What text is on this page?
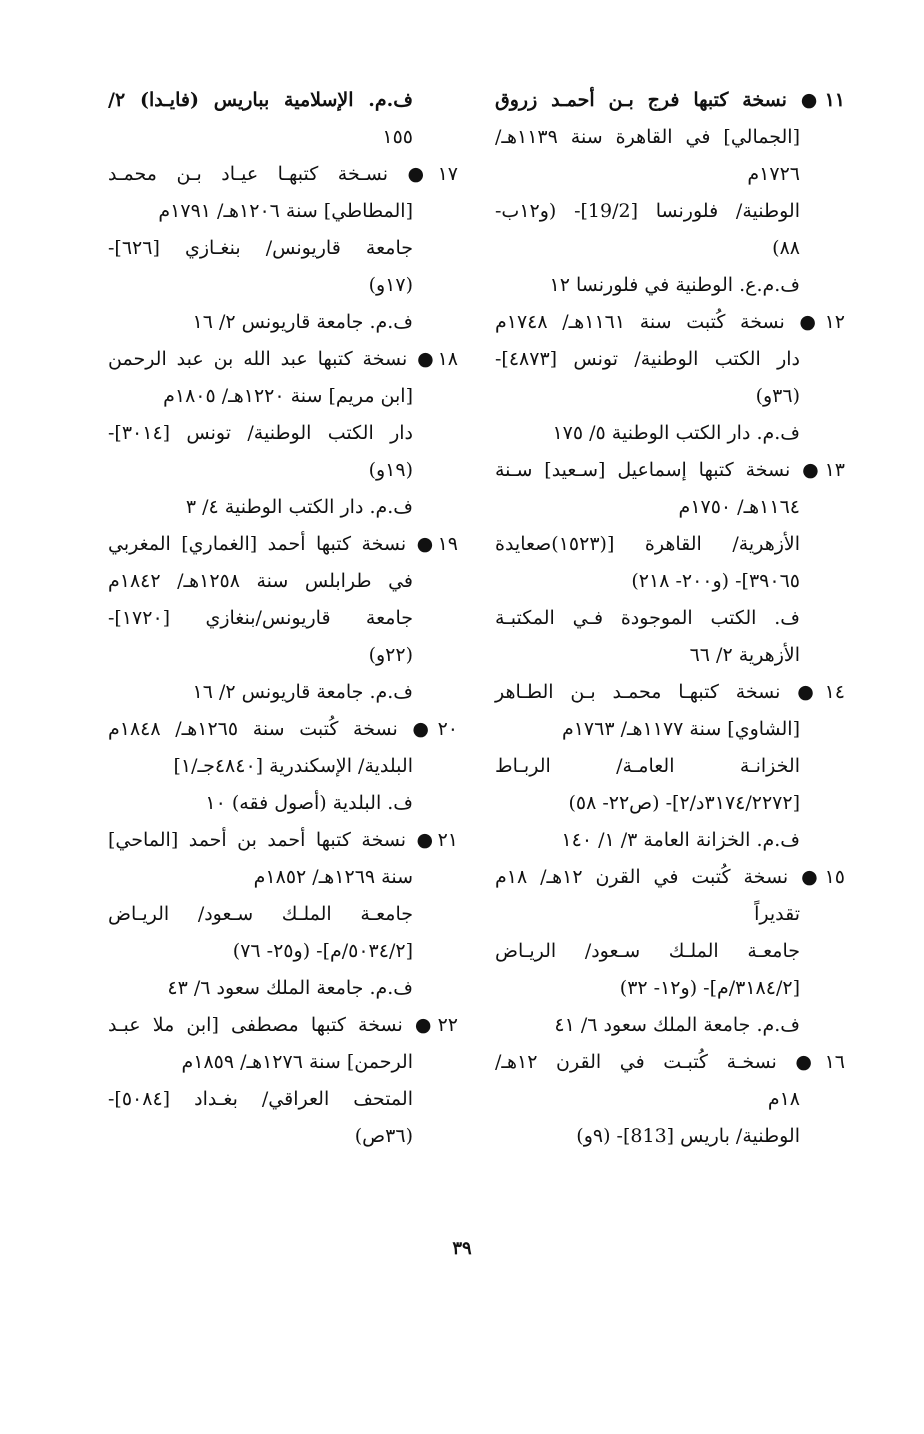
١١● نسخة كتبها فرج بـن أحمـد زروق
[الجمالي] في القاهرة سنة ١١٣٩هـ/
١٧٢٦م
الوطنية/ فلورنسا [19/2]- (و١٢ب-
٨٨)
ف.م.ع. الوطنية في فلورنسا ١٢
١٢● نسخة كُتبت سنة ١١٦١هـ/ ١٧٤٨م
دار الكتب الوطنية/ تونس [٤٨٧٣]-
(٣٦و)
ف.م. دار الكتب الوطنية ٥/ ١٧٥
١٣● نسخة كتبها إسماعيل [سـعيد] سـنة
١١٦٤هـ/ ١٧٥٠م
الأزهرية/ القاهرة [(١٥٢٣)صعايدة
٣٩٠٦٥]- (و٢٠٠- ٢١٨)
ف. الكتب الموجودة فـي المكتبـة
الأزهرية ٢/ ٦٦
١٤● نسخة كتبهـا محمـد بـن الطـاهر
[الشاوي] سنة ١١٧٧هـ/ ١٧٦٣م
الخزانـة العامـة/ الربـاط
[٣١٧٤/٢٢٧٢د/٢]- (ص٢٢- ٥٨)
ف.م. الخزانة العامة ٣/ ١/ ١٤٠
١٥● نسخة كُتبت في القرن ١٢هـ/ ١٨م
تقديراً
جامعـة الملـك سـعود/ الريـاض
[٣١٨٤/٢/م]- (و١٢- ٣٢)
ف.م. جامعة الملك سعود ٦/ ٤١
١٦● نسخـة كُتبـت في القرن ١٢هـ/
١٨م
الوطنية/ باريس [813]- (٩و)
ف.م. الإسلامية بباريس (فايـدا) ٢/
١٥٥
١٧● نسـخة كتبهـا عيـاد بـن محمـد
[المطاطي] سنة ١٢٠٦هـ/ ١٧٩١م
جامعة قاريونس/ بنغـازي [٦٢٦]-
(١٧و)
ف.م. جامعة قاريونس ٢/ ١٦
١٨● نسخة كتبها عبد الله بن عبد الرحمن
[ابن مريم] سنة ١٢٢٠هـ/ ١٨٠٥م
دار الكتب الوطنية/ تونس [٣٠١٤]-
(١٩و)
ف.م. دار الكتب الوطنية ٤/ ٣
١٩● نسخة كتبها أحمد [الغماري] المغربي
في طرابلس سنة ١٢٥٨هـ/ ١٨٤٢م
جامعة قاريونس/بنغازي [١٧٢٠]-
(٢٢و)
ف.م. جامعة قاريونس ٢/ ١٦
٢٠● نسخة كُتبت سنة ١٢٦٥هـ/ ١٨٤٨م
البلدية/ الإسكندرية [٤٨٤٠جـ/١]
ف. البلدية (أصول فقه) ١٠
٢١● نسخة كتبها أحمد بن أحمد [الماحي]
سنة ١٢٦٩هـ/ ١٨٥٢م
جامعـة الملـك سـعود/ الريـاض
[٥٠٣٤/٢/م]- (و٢٥- ٧٦)
ف.م. جامعة الملك سعود ٦/ ٤٣
٢٢● نسخة كتبها مصطفى [ابن ملا عبـد
الرحمن] سنة ١٢٧٦هـ/ ١٨٥٩م
المتحف العراقي/ بغـداد [٥٠٨٤]-
(٣٦ص)
٣٩
